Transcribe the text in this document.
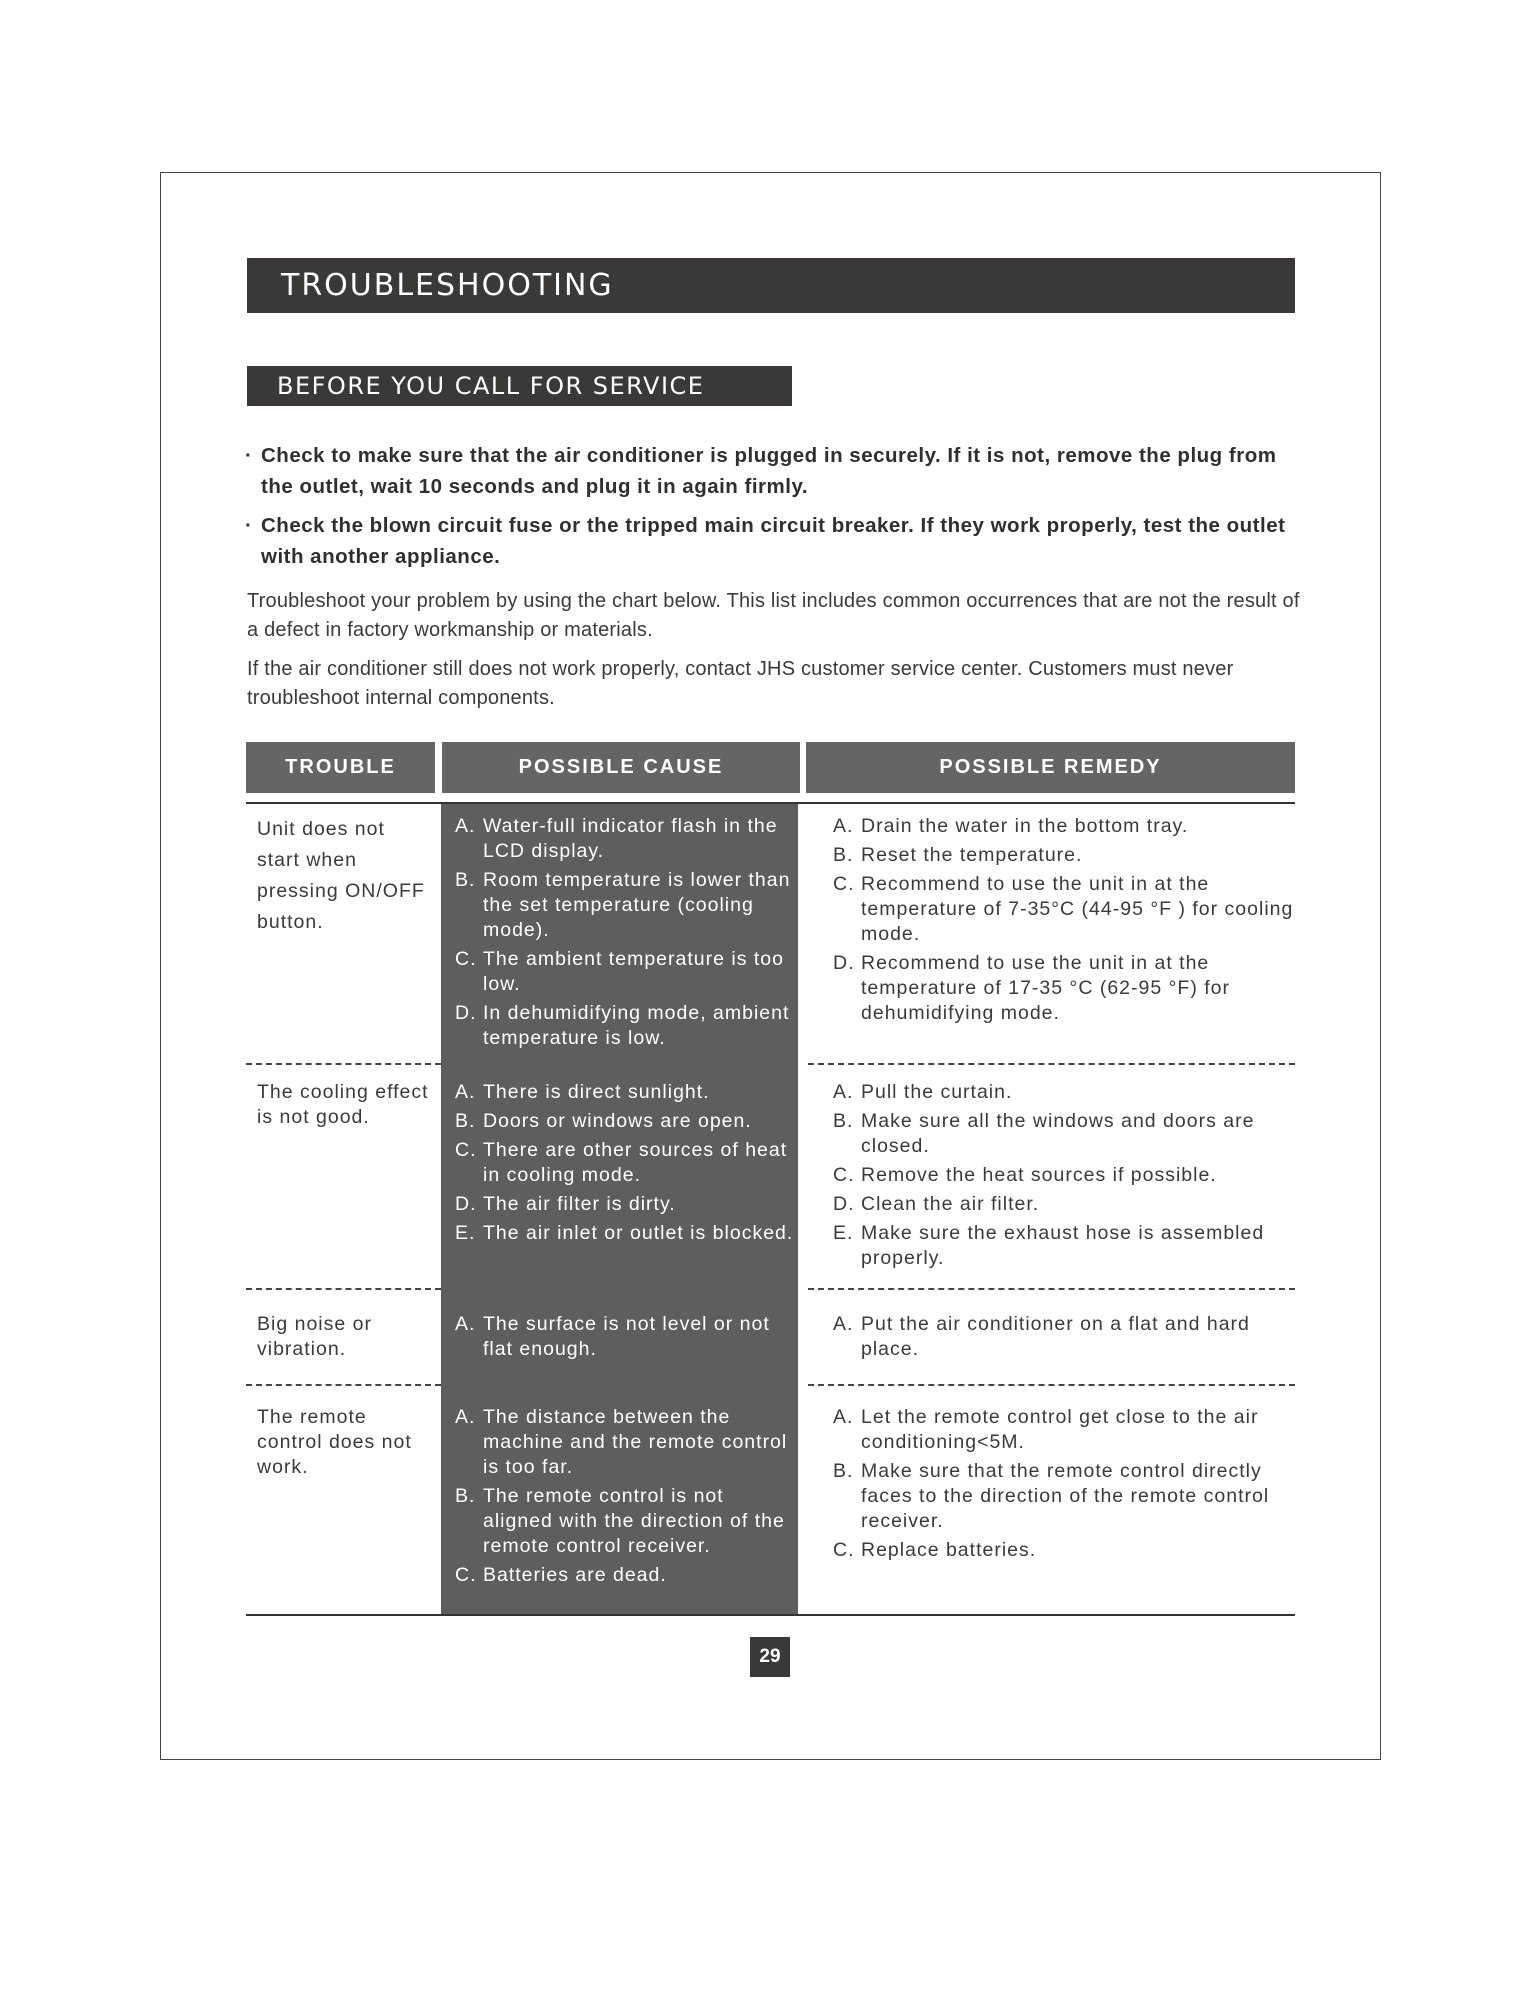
TROUBLESHOOTING
BEFORE YOU CALL FOR SERVICE
· Check to make sure that the air conditioner is plugged in securely. If it is not, remove the plug from the outlet, wait 10 seconds and plug it in again firmly.
· Check the blown circuit fuse or the tripped main circuit breaker. If they work properly, test the outlet with another appliance.
Troubleshoot your problem by using the chart below. This list includes common occurrences that are not the result of a defect in factory workmanship or materials.
If the air conditioner still does not work properly, contact JHS customer service center. Customers must never troubleshoot internal components.
TROUBLE	POSSIBLE CAUSE	POSSIBLE REMEDY
Unit does not start when pressing ON/OFF button.
A. Water-full indicator flash in the LCD display.
B. Room temperature is lower than the set temperature (cooling mode).
C. The ambient temperature is too low.
D. In dehumidifying mode, ambient temperature is low.
A. Drain the water in the bottom tray.
B. Reset the temperature.
C. Recommend to use the unit in at the temperature of 7-35°C (44-95 °F ) for cooling mode.
D. Recommend to use the unit in at the temperature of 17-35 °C (62-95 °F) for dehumidifying mode.
The cooling effect is not good.
A. There is direct sunlight.
B. Doors or windows are open.
C. There are other sources of heat in cooling mode.
D. The air filter is dirty.
E. The air inlet or outlet is blocked.
A. Pull the curtain.
B. Make sure all the windows and doors are closed.
C. Remove the heat sources if possible.
D. Clean the air filter.
E. Make sure the exhaust hose is assembled properly.
Big noise or vibration.
A. The surface is not level or not flat enough.
A. Put the air conditioner on a flat and hard place.
The remote control does not work.
A. The distance between the machine and the remote control is too far.
B. The remote control is not aligned with the direction of the remote control receiver.
C. Batteries are dead.
A. Let the remote control get close to the air conditioning<5M.
B. Make sure that the remote control directly faces to the direction of the remote control receiver.
C. Replace batteries.
29
